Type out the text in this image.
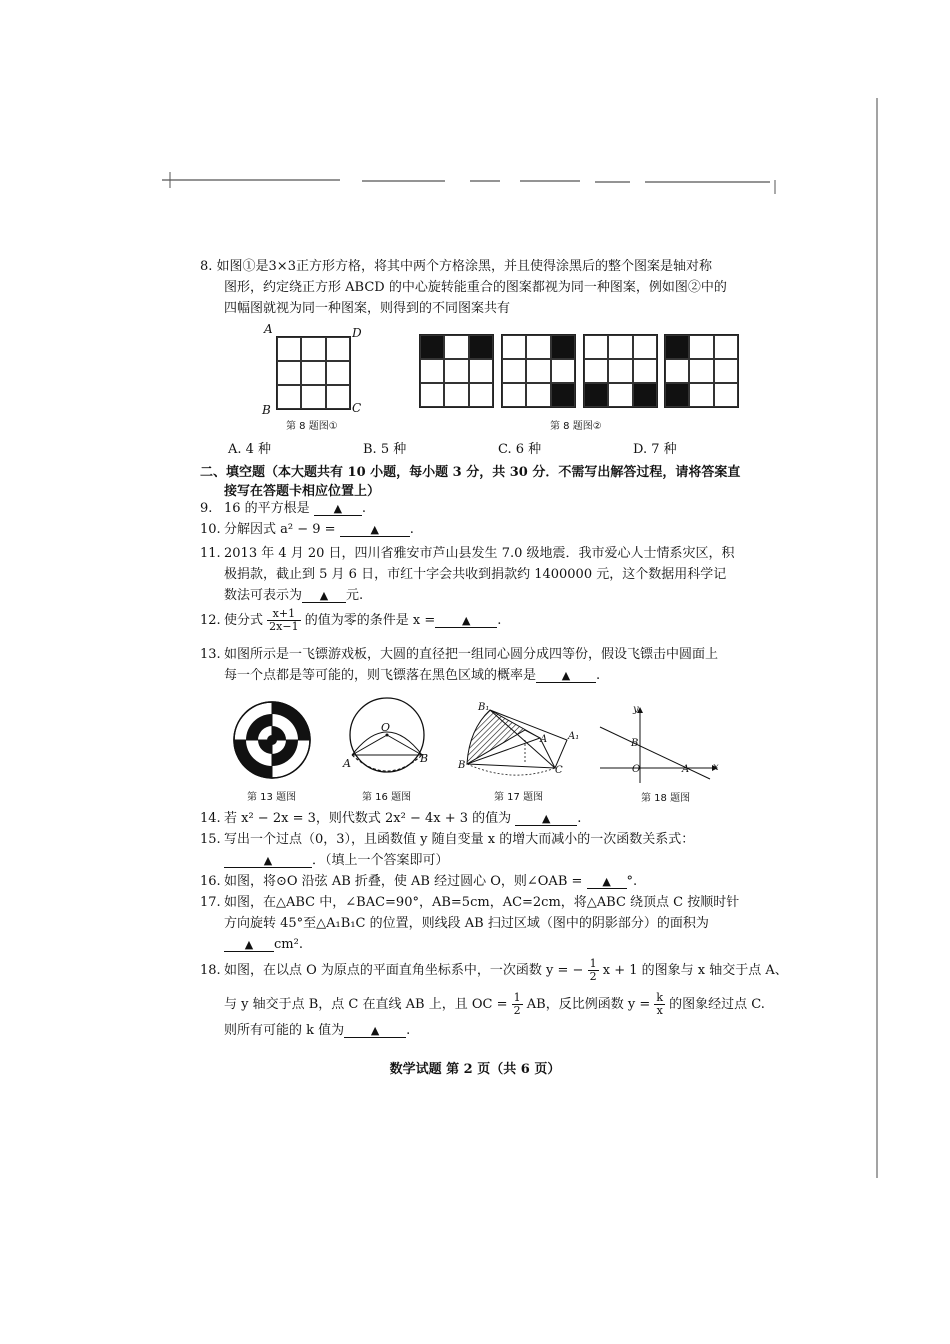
8. 如图①是3×3正方形方格，将其中两个方格涂黑，并且使得涂黑后的整个图案是轴对称
图形，约定绕正方形 ABCD 的中心旋转能重合的图案都视为同一种图案，例如图②中的
四幅图就视为同一种图案，则得到的不同图案共有
A	D
B	C
第 8 题图①	第 8 题图②
A. 4 种	B. 5 种	C. 6 种	D. 7 种
二、填空题（本大题共有 10 小题，每小题 3 分，共 30 分．不需写出解答过程，请将答案直
接写在答题卡相应位置上）
9. 16 的平方根是 ▲ .
10. 分解因式 a² − 9 =	▲ .
11. 2013 年 4 月 20 日，四川省雅安市芦山县发生 7.0 级地震．我市爱心人士情系灾区，积
极捐款，截止到 5 月 6 日，市红十字会共收到捐款约 1400000 元，这个数据用科学记
数法可表示为 ▲ 元.
12. 使分式 $\frac{x+1}{2x-1}$ 的值为零的条件是 x = ▲ .
13. 如图所示是一飞镖游戏板，大圆的直径把一组同心圆分成四等份，假设飞镖击中圆面上
每一个点都是等可能的，则飞镖落在黑色区域的概率是 ▲ .
第 13 题图
O
A	B
第 16 题图
B₁
A A₁
B	C
第 17 题图
y
x
B
O	A
第 18 题图
14. 若 x² − 2x = 3，则代数式 2x² − 4x + 3 的值为	▲ .
15. 写出一个过点（0，3），且函数值 y 随自变量 x 的增大而减小的一次函数关系式：
▲	．（填上一个答案即可）
16. 如图，将⊙O 沿弦 AB 折叠，使 AB 经过圆心 O，则∠OAB = ▲ °.
17. 如图，在△ABC 中，∠BAC=90°，AB=5cm，AC=2cm，将△ABC 绕顶点 C 按顺时针
方向旋转 45°至△A₁B₁C 的位置，则线段 AB 扫过区域（图中的阴影部分）的面积为
▲ cm².
18. 如图，在以点 O 为原点的平面直角坐标系中，一次函数 y = − $\frac{1}{2}$ x + 1 的图象与 x 轴交于点 A、
与 y 轴交于点 B，点 C 在直线 AB 上，且 OC = $\frac{1}{2}$ AB，反比例函数 $y = \frac{k}{x}$ 的图象经过点 C.
则所有可能的 k 值为 ▲ .
数学试题 第 2 页（共 6 页）
